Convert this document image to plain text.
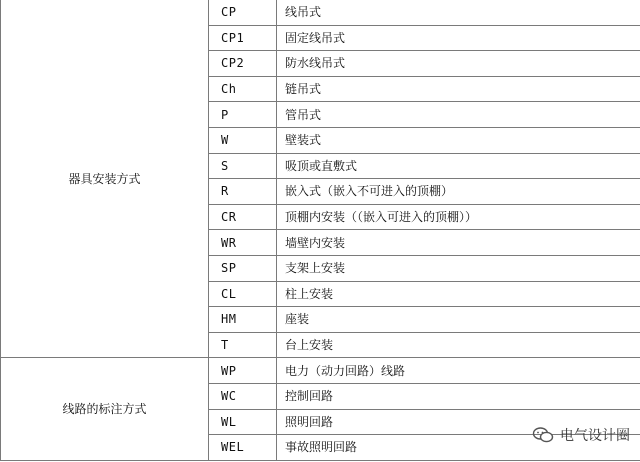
器具安装方式	CP	线吊式
	CP1	固定线吊式
	CP2	防水线吊式
	Ch	链吊式
	P	管吊式
	W	壁装式
	S	吸顶或直敷式
	R	嵌入式（嵌入不可进入的顶棚）
	CR	顶棚内安装（（嵌入可进入的顶棚））
	WR	墙壁内安装
	SP	支架上安装
	CL	柱上安装
	HM	座装
	T	台上安装
线路的标注方式	WP	电力（动力回路）线路
	WC	控制回路
	WL	照明回路
	WEL	事故照明回路
电气设计圈
